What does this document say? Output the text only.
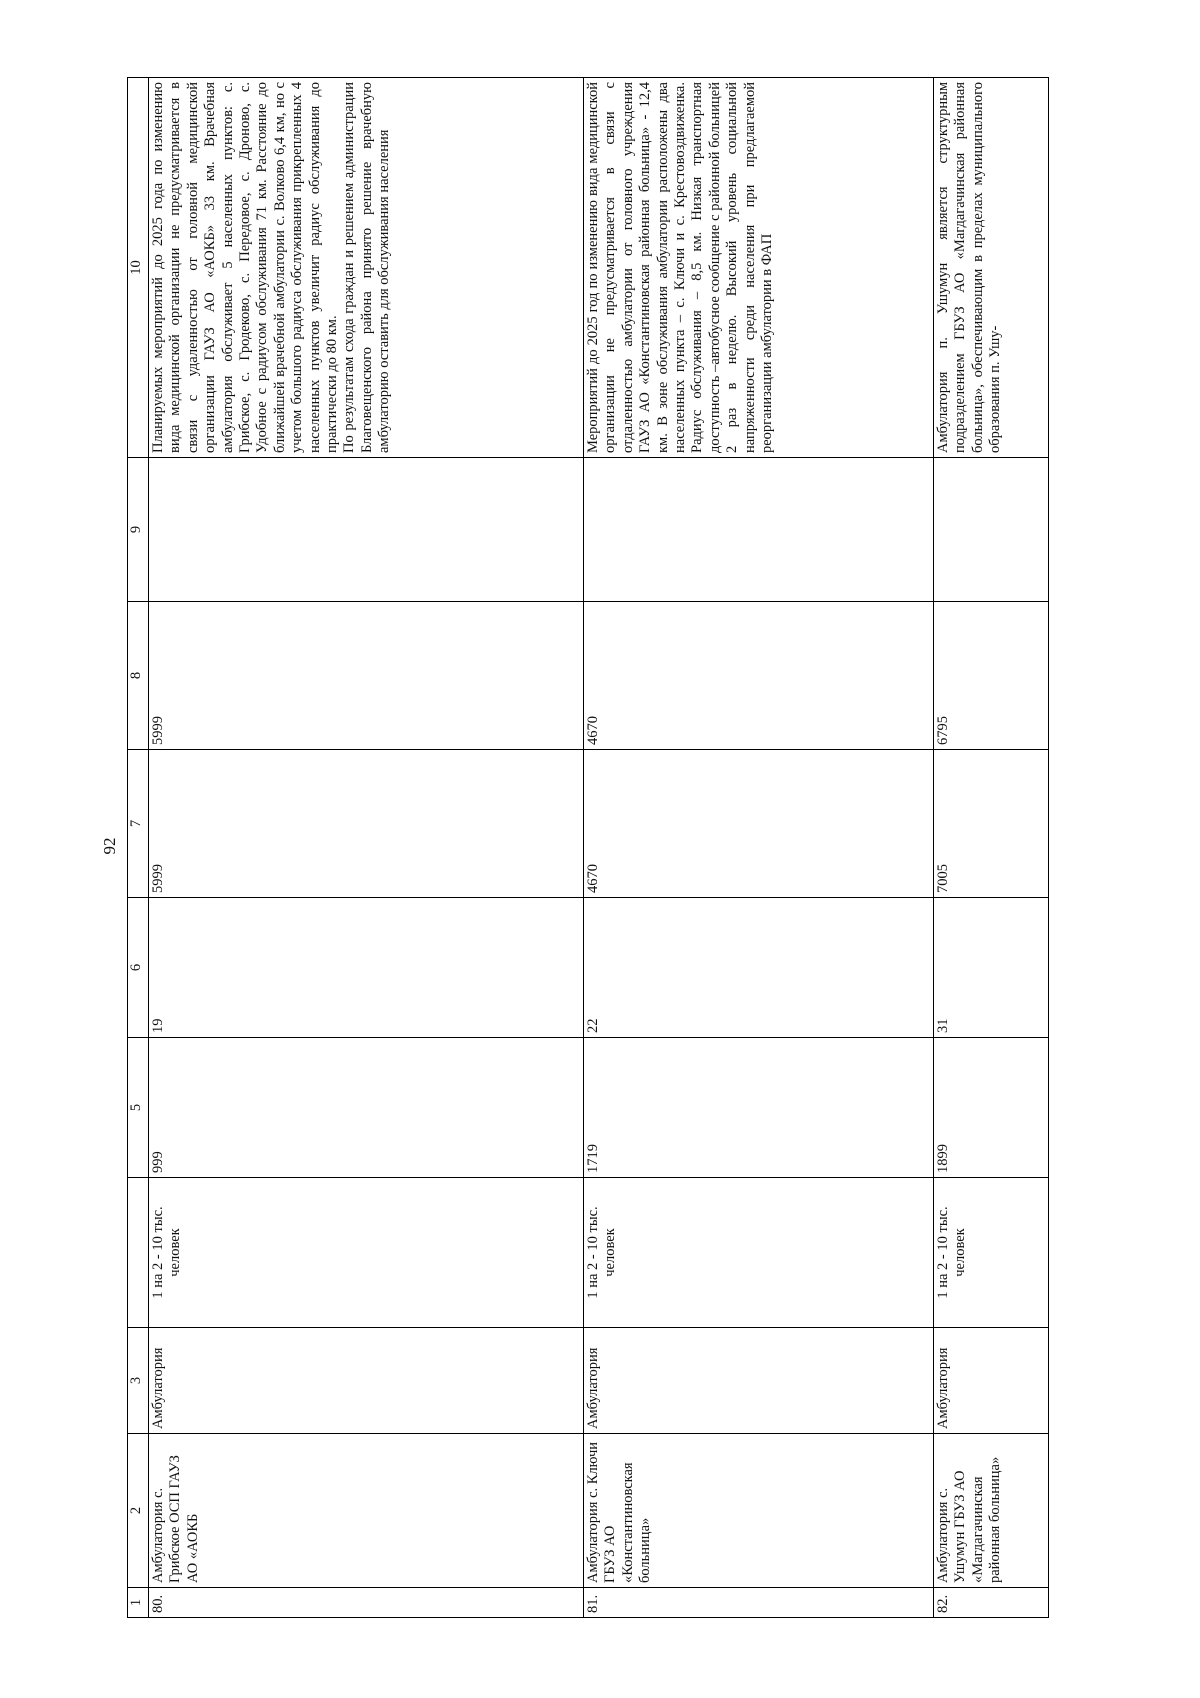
92
1	2	3		5	6	7	8	9	10
80.	Амбулатория с. Грибское ОСП ГАУЗ АО «АОКБ	Амбулатория	1 на 2 - 10 тыс. человек	999	19	5999	5999		Планируемых мероприятий до 2025 года по изменению вида медицинской организации не предусматривается в связи с удаленностью от головной медицинской организации ГАУЗ АО «АОКБ» 33 км. Врачебная амбулатория обслуживает 5 населенных пунктов: с. Грибское, с. Гродеково, с. Передовое, с. Дроново, с. Удобное с радиусом обслуживания 71 км. Расстояние до ближайшей врачебной амбулатории с. Волково 6,4 км, но с учетом большого радиуса обслуживания прикрепленных 4 населенных пунктов увеличит радиус обслуживания до практически до 80 км. По результатам схода граждан и решением администрации Благовещенского района принято решение врачебную амбулаторию оставить для обслуживания населения

81.	Амбулатория с. Ключи ГБУЗ АО «Константиновская больница»	Амбулатория	1 на 2 - 10 тыс. человек	1719	22	4670	4670		Мероприятий до 2025 год по изменению вида медицинской организации не предусматривается в связи с отдаленностью амбулатории от головного учреждения ГАУЗ АО «Константиновская районная больница» - 12,4 км. В зоне обслуживания амбулатории расположены два населенных пункта – с. Ключи и с. Крестовоздвиженка. Радиус обслуживания – 8,5 км. Низкая транспортная доступность –автобусное сообщение с районной больницей 2 раз в неделю. Высокий уровень социальной напряженности среди населения при предлагаемой реорганизации амбулатории в ФАП

82.	Амбулатория с. Ушумун ГБУЗ АО «Магдагачинская районная больница»	Амбулатория	1 на 2 - 10 тыс. человек	1899	31	7005	6795		Амбулатория п. Ушумун является структурным подразделением ГБУЗ АО «Магдагачинская районная больница», обеспечивающим в пределах муниципального образования п. Ушу-
